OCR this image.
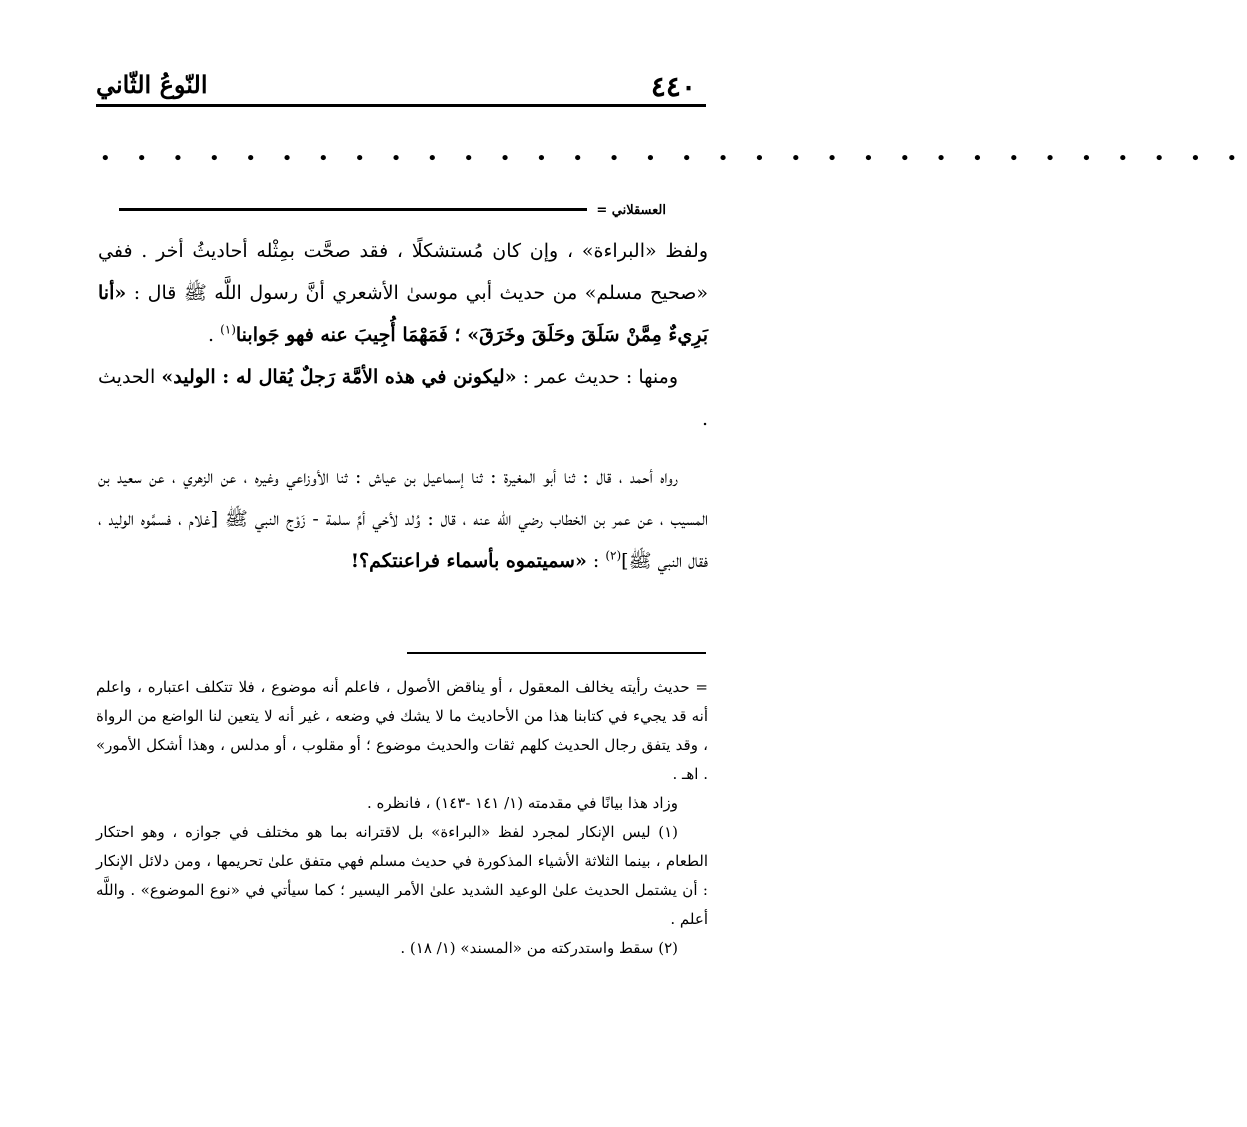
٤٤٠
النّوعُ الثّاني
• • • • • • • • • • • • • • • • • • • • • • • • • • • • • • • •
العسقلاني =

ولفظ «البراءة» ، وإن كان مُستشكلًا ، فقد صحَّت بمِثْله أحاديثُ أخر . ففي «صحيح مسلم» من حديث أبي موسىٰ الأشعري أنَّ رسول اللَّه ﷺ قال : «أنا بَرِيءٌ مِمَّنْ سَلَقَ وحَلَقَ وخَرَقَ» ؛ فَمَهْمَا أُجِيبَ عنه فهو جَوابنا$^{(١)}$ .

ومنها : حديث عمر : «ليكونن في هذه الأمَّة رَجلٌ يُقال له : الوليد» الحديث .

رواه أحمد ، قال : ثنا أبو المغيرة : ثنا إسماعيل بن عياش : ثنا الأوزاعي وغيره ، عن الزهري ، عن سعيد بن المسيب ، عن عمر بن الخطاب رضي الله عنه ، قال : وُلد لأخي أمِّ سلمة - زَوْج النبي ﷺ [غلام ، فسمَّوه الوليد ، فقال النبي ﷺ]$^{(٢)}$ : «سميتموه بأسماء فراعنتكم؟!

= حديث رأيته يخالف المعقول ، أو يناقض الأصول ، فاعلم أنه موضوع ، فلا تتكلف اعتباره ، واعلم أنه قد يجيء في كتابنا هذا من الأحاديث ما لا يشك في وضعه ، غير أنه لا يتعين لنا الواضع من الرواة ، وقد يتفق رجال الحديث كلهم ثقات والحديث موضوع ؛ أو مقلوب ، أو مدلس ، وهذا أشكل الأمور» . اهـ .

وزاد هذا بيانًا في مقدمته (١/ ١٤١ -١٤٣) ، فانظره .

(١) ليس الإنكار لمجرد لفظ «البراءة» بل لاقترانه بما هو مختلف في جوازه ، وهو احتكار الطعام ، بينما الثلاثة الأشياء المذكورة في حديث مسلم فهي متفق علىٰ تحريمها ، ومن دلائل الإنكار : أن يشتمل الحديث علىٰ الوعيد الشديد علىٰ الأمر اليسير ؛ كما سيأتي في «نوع الموضوع» . واللَّه أعلم .

(٢) سقط واستدركته من «المسند» (١/ ١٨) .
